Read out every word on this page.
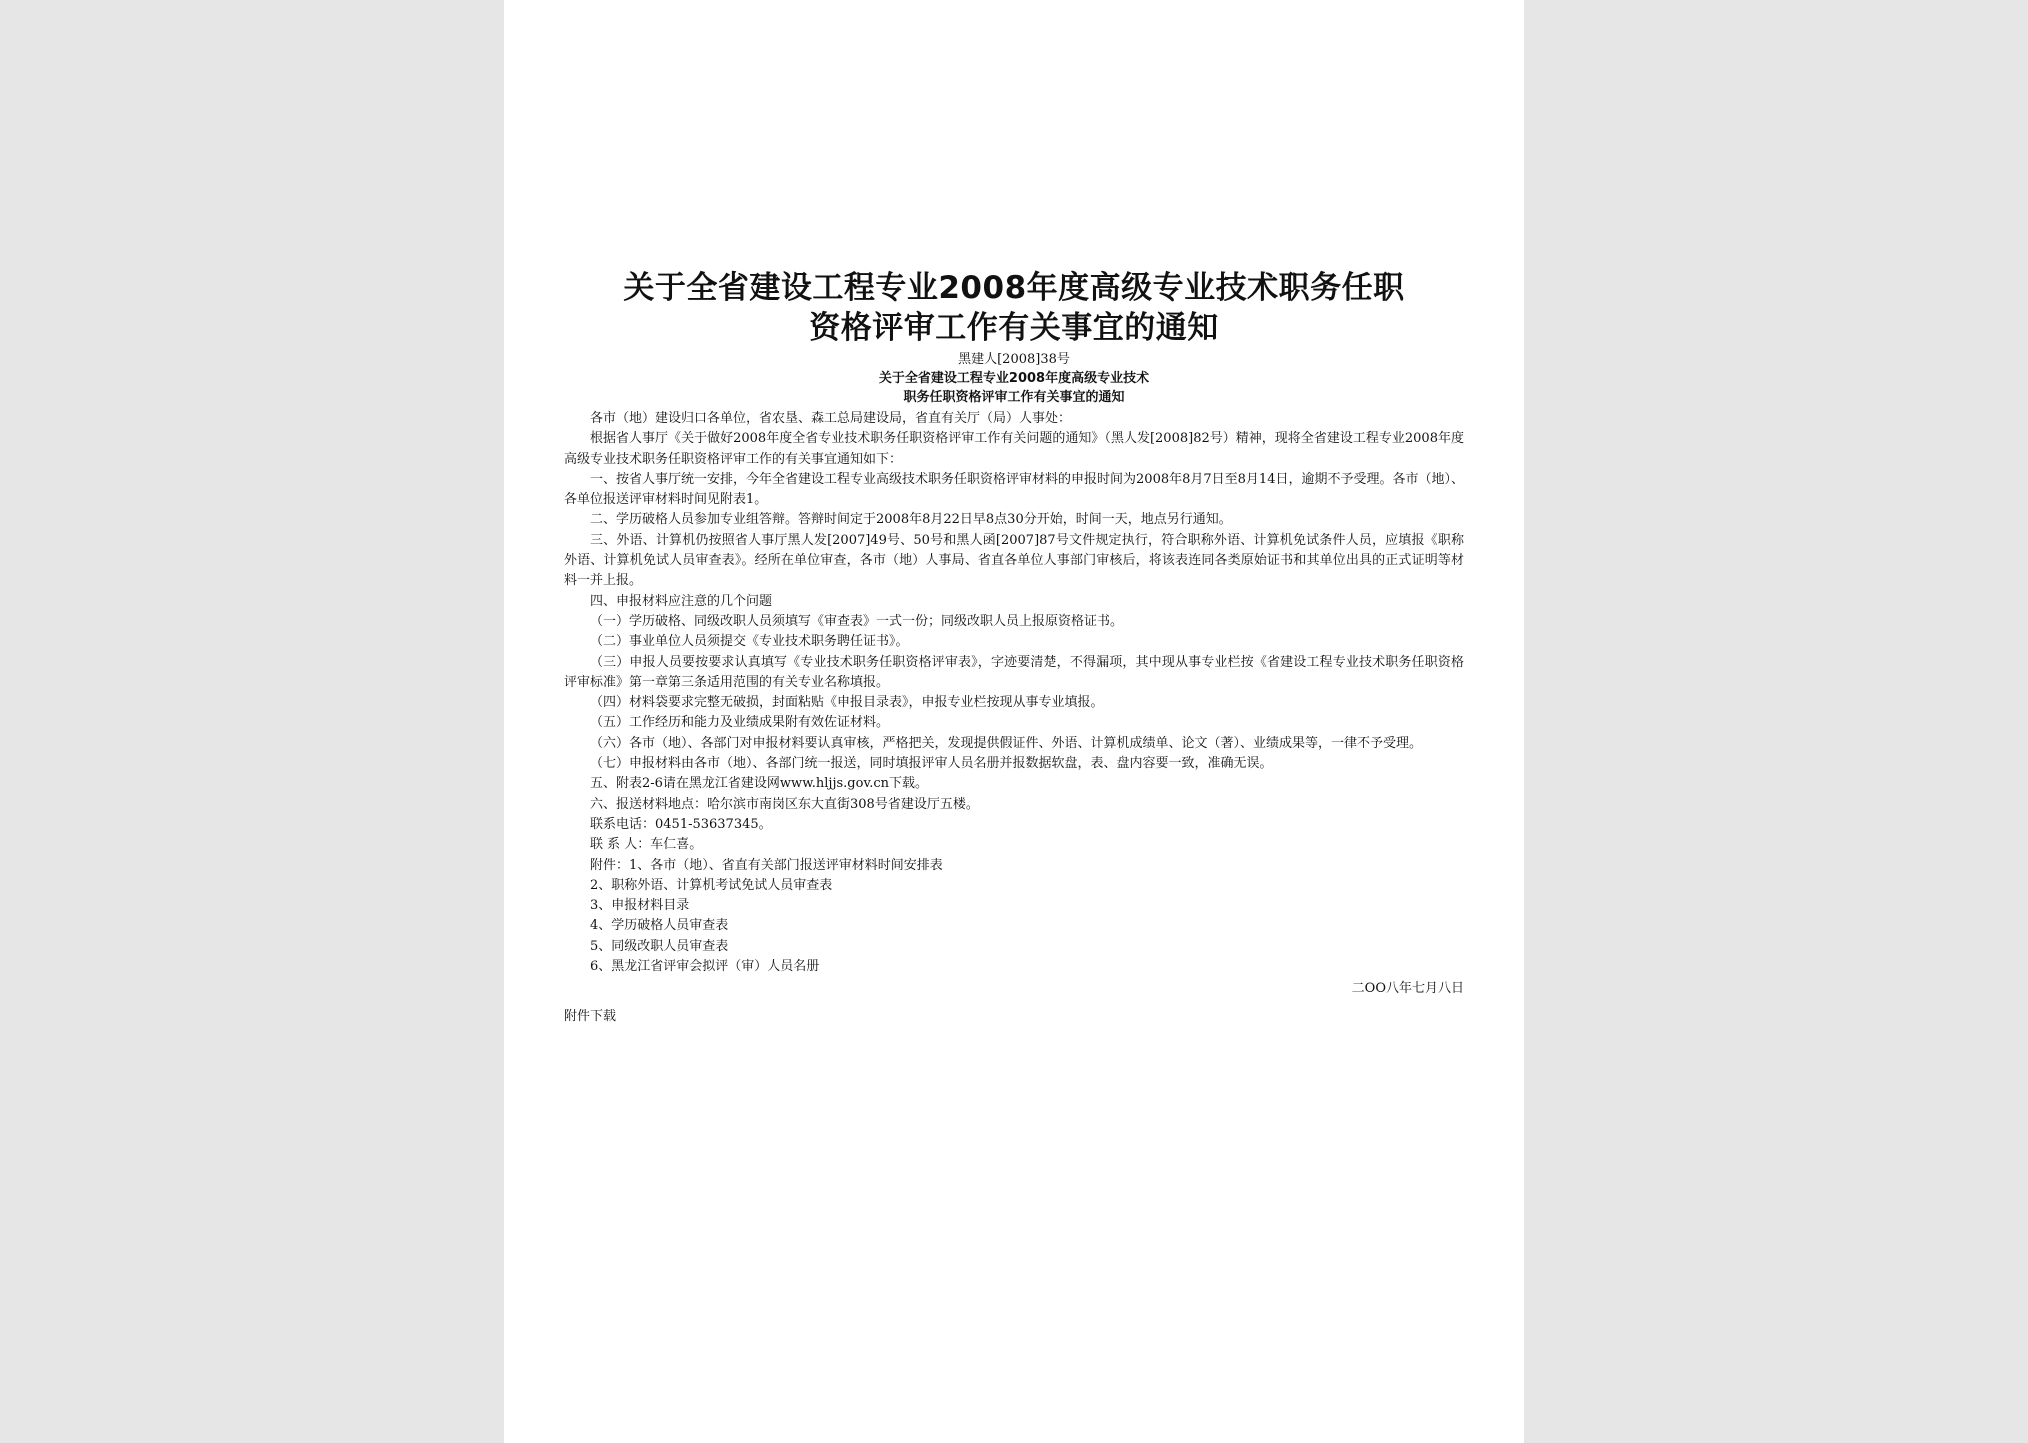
关于全省建设工程专业2008年度高级专业技术职务任职
资格评审工作有关事宜的通知
黑建人[2008]38号
关于全省建设工程专业2008年度高级专业技术
职务任职资格评审工作有关事宜的通知

各市（地）建设归口各单位，省农垦、森工总局建设局，省直有关厅（局）人事处：

根据省人事厅《关于做好2008年度全省专业技术职务任职资格评审工作有关问题的通知》（黑人发[2008]82号）精神，现将全省建设工程专业2008年度高级专业技术职务任职资格评审工作的有关事宜通知如下：

一、按省人事厅统一安排，今年全省建设工程专业高级技术职务任职资格评审材料的申报时间为2008年8月7日至8月14日，逾期不予受理。各市（地）、各单位报送评审材料时间见附表1。

二、学历破格人员参加专业组答辩。答辩时间定于2008年8月22日早8点30分开始，时间一天，地点另行通知。

三、外语、计算机仍按照省人事厅黑人发[2007]49号、50号和黑人函[2007]87号文件规定执行，符合职称外语、计算机免试条件人员，应填报《职称外语、计算机免试人员审查表》。经所在单位审查，各市（地）人事局、省直各单位人事部门审核后，将该表连同各类原始证书和其单位出具的正式证明等材料一并上报。

四、申报材料应注意的几个问题

（一）学历破格、同级改职人员须填写《审查表》一式一份；同级改职人员上报原资格证书。

（二）事业单位人员须提交《专业技术职务聘任证书》。

（三）申报人员要按要求认真填写《专业技术职务任职资格评审表》，字迹要清楚，不得漏项，其中现从事专业栏按《省建设工程专业技术职务任职资格评审标准》第一章第三条适用范围的有关专业名称填报。

（四）材料袋要求完整无破损，封面粘贴《申报目录表》，申报专业栏按现从事专业填报。

（五）工作经历和能力及业绩成果附有效佐证材料。

（六）各市（地）、各部门对申报材料要认真审核，严格把关，发现提供假证件、外语、计算机成绩单、论文（著）、业绩成果等，一律不予受理。

（七）申报材料由各市（地）、各部门统一报送，同时填报评审人员名册并报数据软盘，表、盘内容要一致，准确无误。

五、附表2-6请在黑龙江省建设网www.hljjs.gov.cn下载。

六、报送材料地点：哈尔滨市南岗区东大直街308号省建设厅五楼。

联系电话：0451-53637345。

联 系 人：车仁喜。

附件：1、各市（地）、省直有关部门报送评审材料时间安排表

2、职称外语、计算机考试免试人员审查表

3、申报材料目录

4、学历破格人员审查表

5、同级改职人员审查表

6、黑龙江省评审会拟评（审）人员名册

二OO八年七月八日
附件下载
